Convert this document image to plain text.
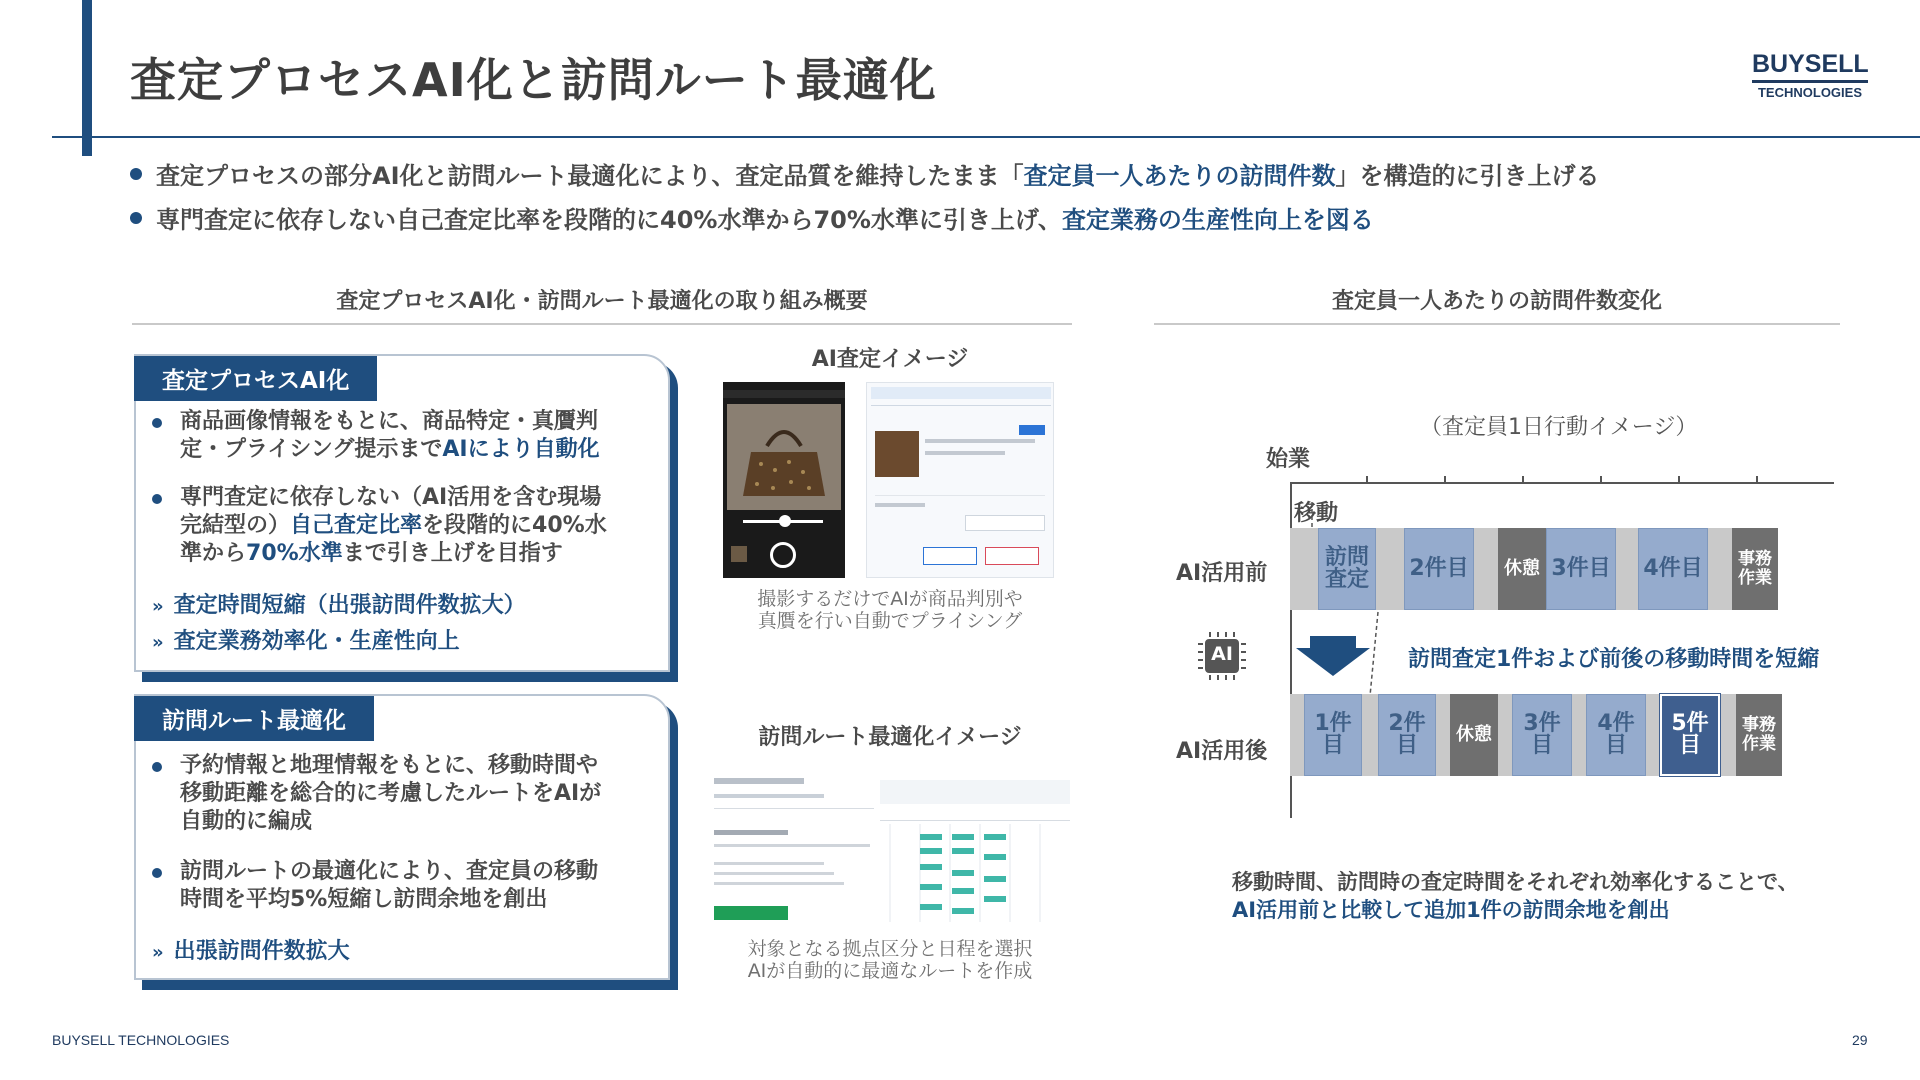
査定プロセスAI化と訪問ルート最適化	BUYSELL
TECHNOLOGIES
査定プロセスの部分AI化と訪問ルート最適化により、査定品質を維持したまま「査定員一人あたりの訪問件数」を構造的に引き上げる
専門査定に依存しない自己査定比率を段階的に40%水準から70%水準に引き上げ、査定業務の生産性向上を図る
査定プロセスAI化・訪問ルート最適化の取り組み概要
査定プロセスAI化
商品画像情報をもとに、商品特定・真贋判
定・プライシング提示までAIにより自動化
専門査定に依存しない（AI活用を含む現場
完結型の）自己査定比率を段階的に40%水
準から70%水準まで引き上げを目指す
» 査定時間短縮（出張訪問件数拡大）
» 査定業務効率化・生産性向上
訪問ルート最適化
予約情報と地理情報をもとに、移動時間や
移動距離を総合的に考慮したルートをAIが
自動的に編成
訪問ルートの最適化により、査定員の移動
時間を平均5%短縮し訪問余地を創出
» 出張訪問件数拡大
AI査定イメージ
撮影するだけでAIが商品判別や
真贋を行い自動でプライシング
訪問ルート最適化イメージ
対象となる拠点区分と日程を選択
AIが自動的に最適なルートを作成
査定員一人あたりの訪問件数変化
（査定員1日行動イメージ）
始業
移動
AI活用前
訪問
査定 2件目 休憩 3件目 4件目 事務
作業
AI	訪問査定1件および前後の移動時間を短縮
AI活用後
1件目
2件目	休憩	3件目
4件目
5件目
事務
作業
移動時間、訪問時の査定時間をそれぞれ効率化することで、
AI活用前と比較して追加1件の訪問余地を創出
BUYSELL TECHNOLOGIES	29
